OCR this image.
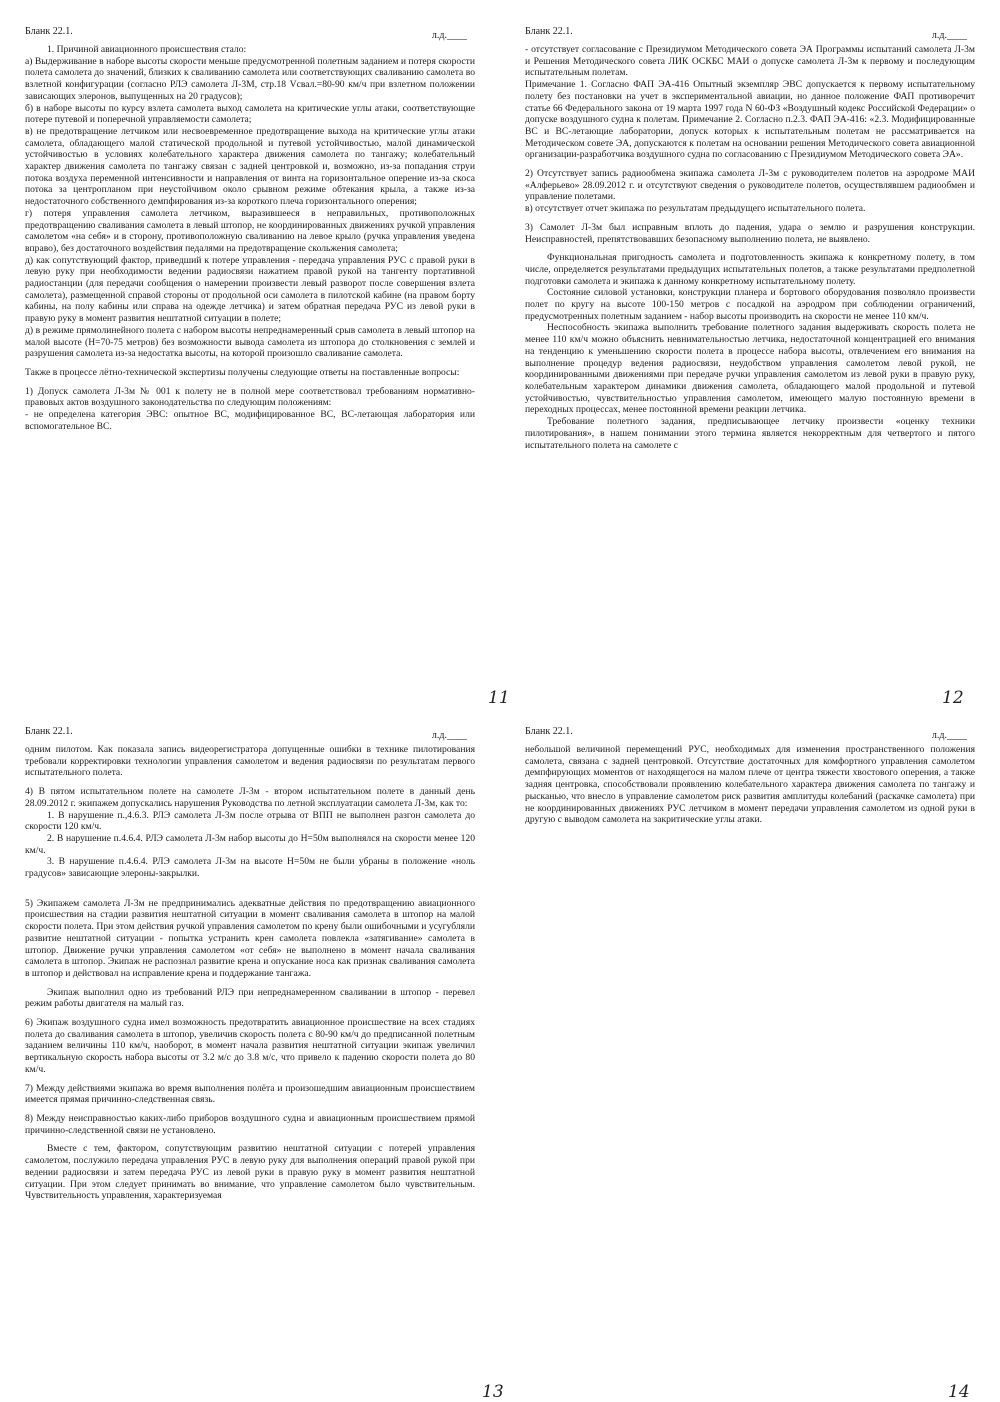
Бланк 22.1.	л.д.____

1. Причиной авиационного происшествия стало:

а) Выдерживание в наборе высоты скорости меньше предусмотренной полетным заданием и потеря скорости полета самолета до значений, близких к сваливанию самолета или соответствующих сваливанию самолета во взлетной конфигурации (согласно РЛЭ самолета Л-3М, стр.18 Vсвал.=80-90 км/ч при взлетном положении зависающих элеронов, выпущенных на 20 градусов);

б) в наборе высоты по курсу взлета самолета выход самолета на критические углы атаки, соответствующие потере путевой и поперечной управляемости самолета;

в) не предотвращение летчиком или несвоевременное предотвращение выхода на критические углы атаки самолета, обладающего малой статической продольной и путевой устойчивостью, малой динамической устойчивостью в условиях колебательного характера движения самолета по тангажу; колебательный характер движения самолета по тангажу связан с задней центровкой и, возможно, из-за попадания струи потока воздуха переменной интенсивности и направления от винта на горизонтальное оперение из-за скоса потока за центропланом при неустойчивом около срывном режиме обтекания крыла, а также из-за недостаточного собственного демпфирования из-за короткого плеча горизонтального оперения;

г) потеря управления самолета летчиком, выразившееся в неправильных, противоположных предотвращению сваливания самолета в левый штопор, не координированных движениях ручкой управления самолетом «на себя» и в сторону, противоположную сваливанию на левое крыло (ручка управления уведена вправо), без достаточного воздействия педалями на предотвращение скольжения самолета;

д) как сопутствующий фактор, приведший к потере управления - передача управления РУС с правой руки в левую руку при необходимости ведении радиосвязи нажатием правой рукой на тангенту портативной радиостанции (для передачи сообщения о намерении произвести левый разворот после совершения взлета самолета), размещенной справой стороны от продольной оси самолета в пилотской кабине (на правом борту кабины, на полу кабины или справа на одежде летчика) и затем обратная передача РУС из левой руки в правую руку в момент развития нештатной ситуации в полете;

д) в режиме прямолинейного полета с набором высоты непреднамеренный срыв самолета в левый штопор на малой высоте (Н=70-75 метров) без возможности вывода самолета из штопора до столкновения с землей и разрушения самолета из-за недостатка высоты, на которой произошло сваливание самолета.

Также в процессе лётно-технической экспертизы получены следующие ответы на поставленные вопросы:

1) Допуск самолета Л-3м № 001 к полету не в полной мере соответствовал требованиям нормативно-правовых актов воздушного законодательства по следующим положениям:

- не определена категория ЭВС: опытное ВС, модифицированное ВС, ВС-летающая лаборатория или вспомогательное ВС.

11
Бланк 22.1.	л.д.____

- отсутствует согласование с Президиумом Методического совета ЭА Программы испытаний самолета Л-3м и Решения Методического совета ЛИК ОСКБС МАИ о допуске самолета Л-3м к первому и последующим испытательным полетам.

Примечание 1. Согласно ФАП ЭА-416 Опытный экземпляр ЭВС допускается к первому испытательному полету без постановки на учет в экспериментальной авиации, но данное положение ФАП противоречит статье 66 Федерального закона от 19 марта 1997 года N 60-ФЗ «Воздушный кодекс Российской Федерации» о допуске воздушного судна к полетам. Примечание 2. Согласно п.2.3. ФАП ЭА-416: «2.3. Модифицированные ВС и ВС-летающие лаборатории, допуск которых к испытательным полетам не рассматривается на Методическом совете ЭА, допускаются к полетам на основании решения Методического совета авиационной организации-разработчика воздушного судна по согласованию с Президиумом Методического совета ЭА».

2) Отсутствует запись радиообмена экипажа самолета Л-3м с руководителем полетов на аэродроме МАИ «Алферьево» 28.09.2012 г. и отсутствуют сведения о руководителе полетов, осуществлявшем радиообмен и управление полетами.

в) отсутствует отчет экипажа по результатам предыдущего испытательного полета.

3) Самолет Л-3м был исправным вплоть до падения, удара о землю и разрушения конструкции. Неисправностей, препятствовавших безопасному выполнению полета, не выявлено.

Функциональная пригодность самолета и подготовленность экипажа к конкретному полету, в том числе, определяется результатами предыдущих испытательных полетов, а также результатами предполетной подготовки самолета и экипажа к данному конкретному испытательному полету.

Состояние силовой установки, конструкции планера и бортового оборудования позволяло произвести полет по кругу на высоте 100-150 метров с посадкой на аэродром при соблюдении ограничений, предусмотренных полетным заданием - набор высоты производить на скорости не менее 110 км/ч.

Неспособность экипажа выполнить требование полетного задания выдерживать скорость полета не менее 110 км/ч можно объяснить невнимательностью летчика, недостаточной концентрацией его внимания на тенденцию к уменьшению скорости полета в процессе набора высоты, отвлечением его внимания на выполнение процедур ведения радиосвязи, неудобством управления самолетом левой рукой, не координированными движениями при передаче ручки управления самолетом из левой руки в правую руку, колебательным характером динамики движения самолета, обладающего малой продольной и путевой устойчивостью, чувствительностью управления самолетом, имеющего малую постоянную времени в переходных процессах, менее постоянной времени реакции летчика.

Требование полетного задания, предписывающее летчику произвести «оценку техники пилотирования», в нашем понимании этого термина является некорректным для четвертого и пятого испытательного полета на самолете с

12
Бланк 22.1.	л.д.____

одним пилотом. Как показала запись видеорегистратора допущенные ошибки в технике пилотирования требовали корректировки технологии управления самолетом и ведения радиосвязи по результатам первого испытательного полета.

4) В пятом испытательном полете на самолете Л-3м - втором испытательном полете в данный день 28.09.2012 г. экипажем допускались нарушения Руководства по летной эксплуатации самолета Л-3м, как то:

1. В нарушение п.,4.6.3. РЛЭ самолета Л-3м после отрыва от ВПП не выполнен разгон самолета до скорости 120 км/ч.

2. В нарушение п.4.6.4. РЛЭ самолета Л-3м набор высоты до Н=50м выполнялся на скорости менее 120 км/ч.

3. В нарушение п.4.6.4. РЛЭ самолета Л-3м на высоте Н=50м не были убраны в положение «ноль градусов» зависающие элероны-закрылки.

5) Экипажем самолета Л-3м не предпринимались адекватные действия по предотвращению авиационного происшествия на стадии развития нештатной ситуации в момент сваливания самолета в штопор на малой скорости полета. При этом действия ручкой управления самолетом по крену были ошибочными и усугубляли развитие нештатной ситуации - попытка устранить крен самолета повлекла «затягивание» самолета в штопор. Движение ручки управления самолетом «от себя» не выполнено в момент начала сваливания самолета в штопор. Экипаж не распознал развитие крена и опускание носа как признак сваливания самолета в штопор и действовал на исправление крена и поддержание тангажа.

Экипаж выполнил одно из требований РЛЭ при непреднамеренном сваливании в штопор - перевел режим работы двигателя на малый газ.

6) Экипаж воздушного судна имел возможность предотвратить авиационное происшествие на всех стадиях полета до сваливания самолета в штопор, увеличив скорость полета с 80-90 км/ч до предписанной полетным заданием величины 110 км/ч, наоборот, в момент начала развития нештатной ситуации экипаж увеличил вертикальную скорость набора высоты от 3.2 м/с до 3.8 м/с, что привело к падению скорости полета до 80 км/ч.

7) Между действиями экипажа во время выполнения полёта и произошедшим авиационным происшествием имеется прямая причинно-следственная связь.

8) Между неисправностью каких-либо приборов воздушного судна и авиационным происшествием прямой причинно-следственной связи не установлено.

Вместе с тем, фактором, сопутствующим развитию нештатной ситуации с потерей управления самолетом, послужило передача управления РУС в левую руку для выполнения операций правой рукой при ведении радиосвязи и затем передача РУС из левой руки в правую руку в момент развития нештатной ситуации. При этом следует принимать во внимание, что управление самолетом было чувствительным. Чувствительность управления, характеризуемая

13
Бланк 22.1.	л.д.____

небольшой величиной перемещений РУС, необходимых для изменения пространственного положения самолета, связана с задней центровкой. Отсутствие достаточных для комфортного управления самолетом демпфирующих моментов от находящегося на малом плече от центра тяжести хвостового оперения, а также задняя центровка, способствовали проявлению колебательного характера движения самолета по тангажу и рысканью, что внесло в управление самолетом риск развития амплитуды колебаний (раскачке самолета) при не координированных движениях РУС летчиком в момент передачи управления самолетом из одной руки в другую с выводом самолета на закритические углы атаки.

14
